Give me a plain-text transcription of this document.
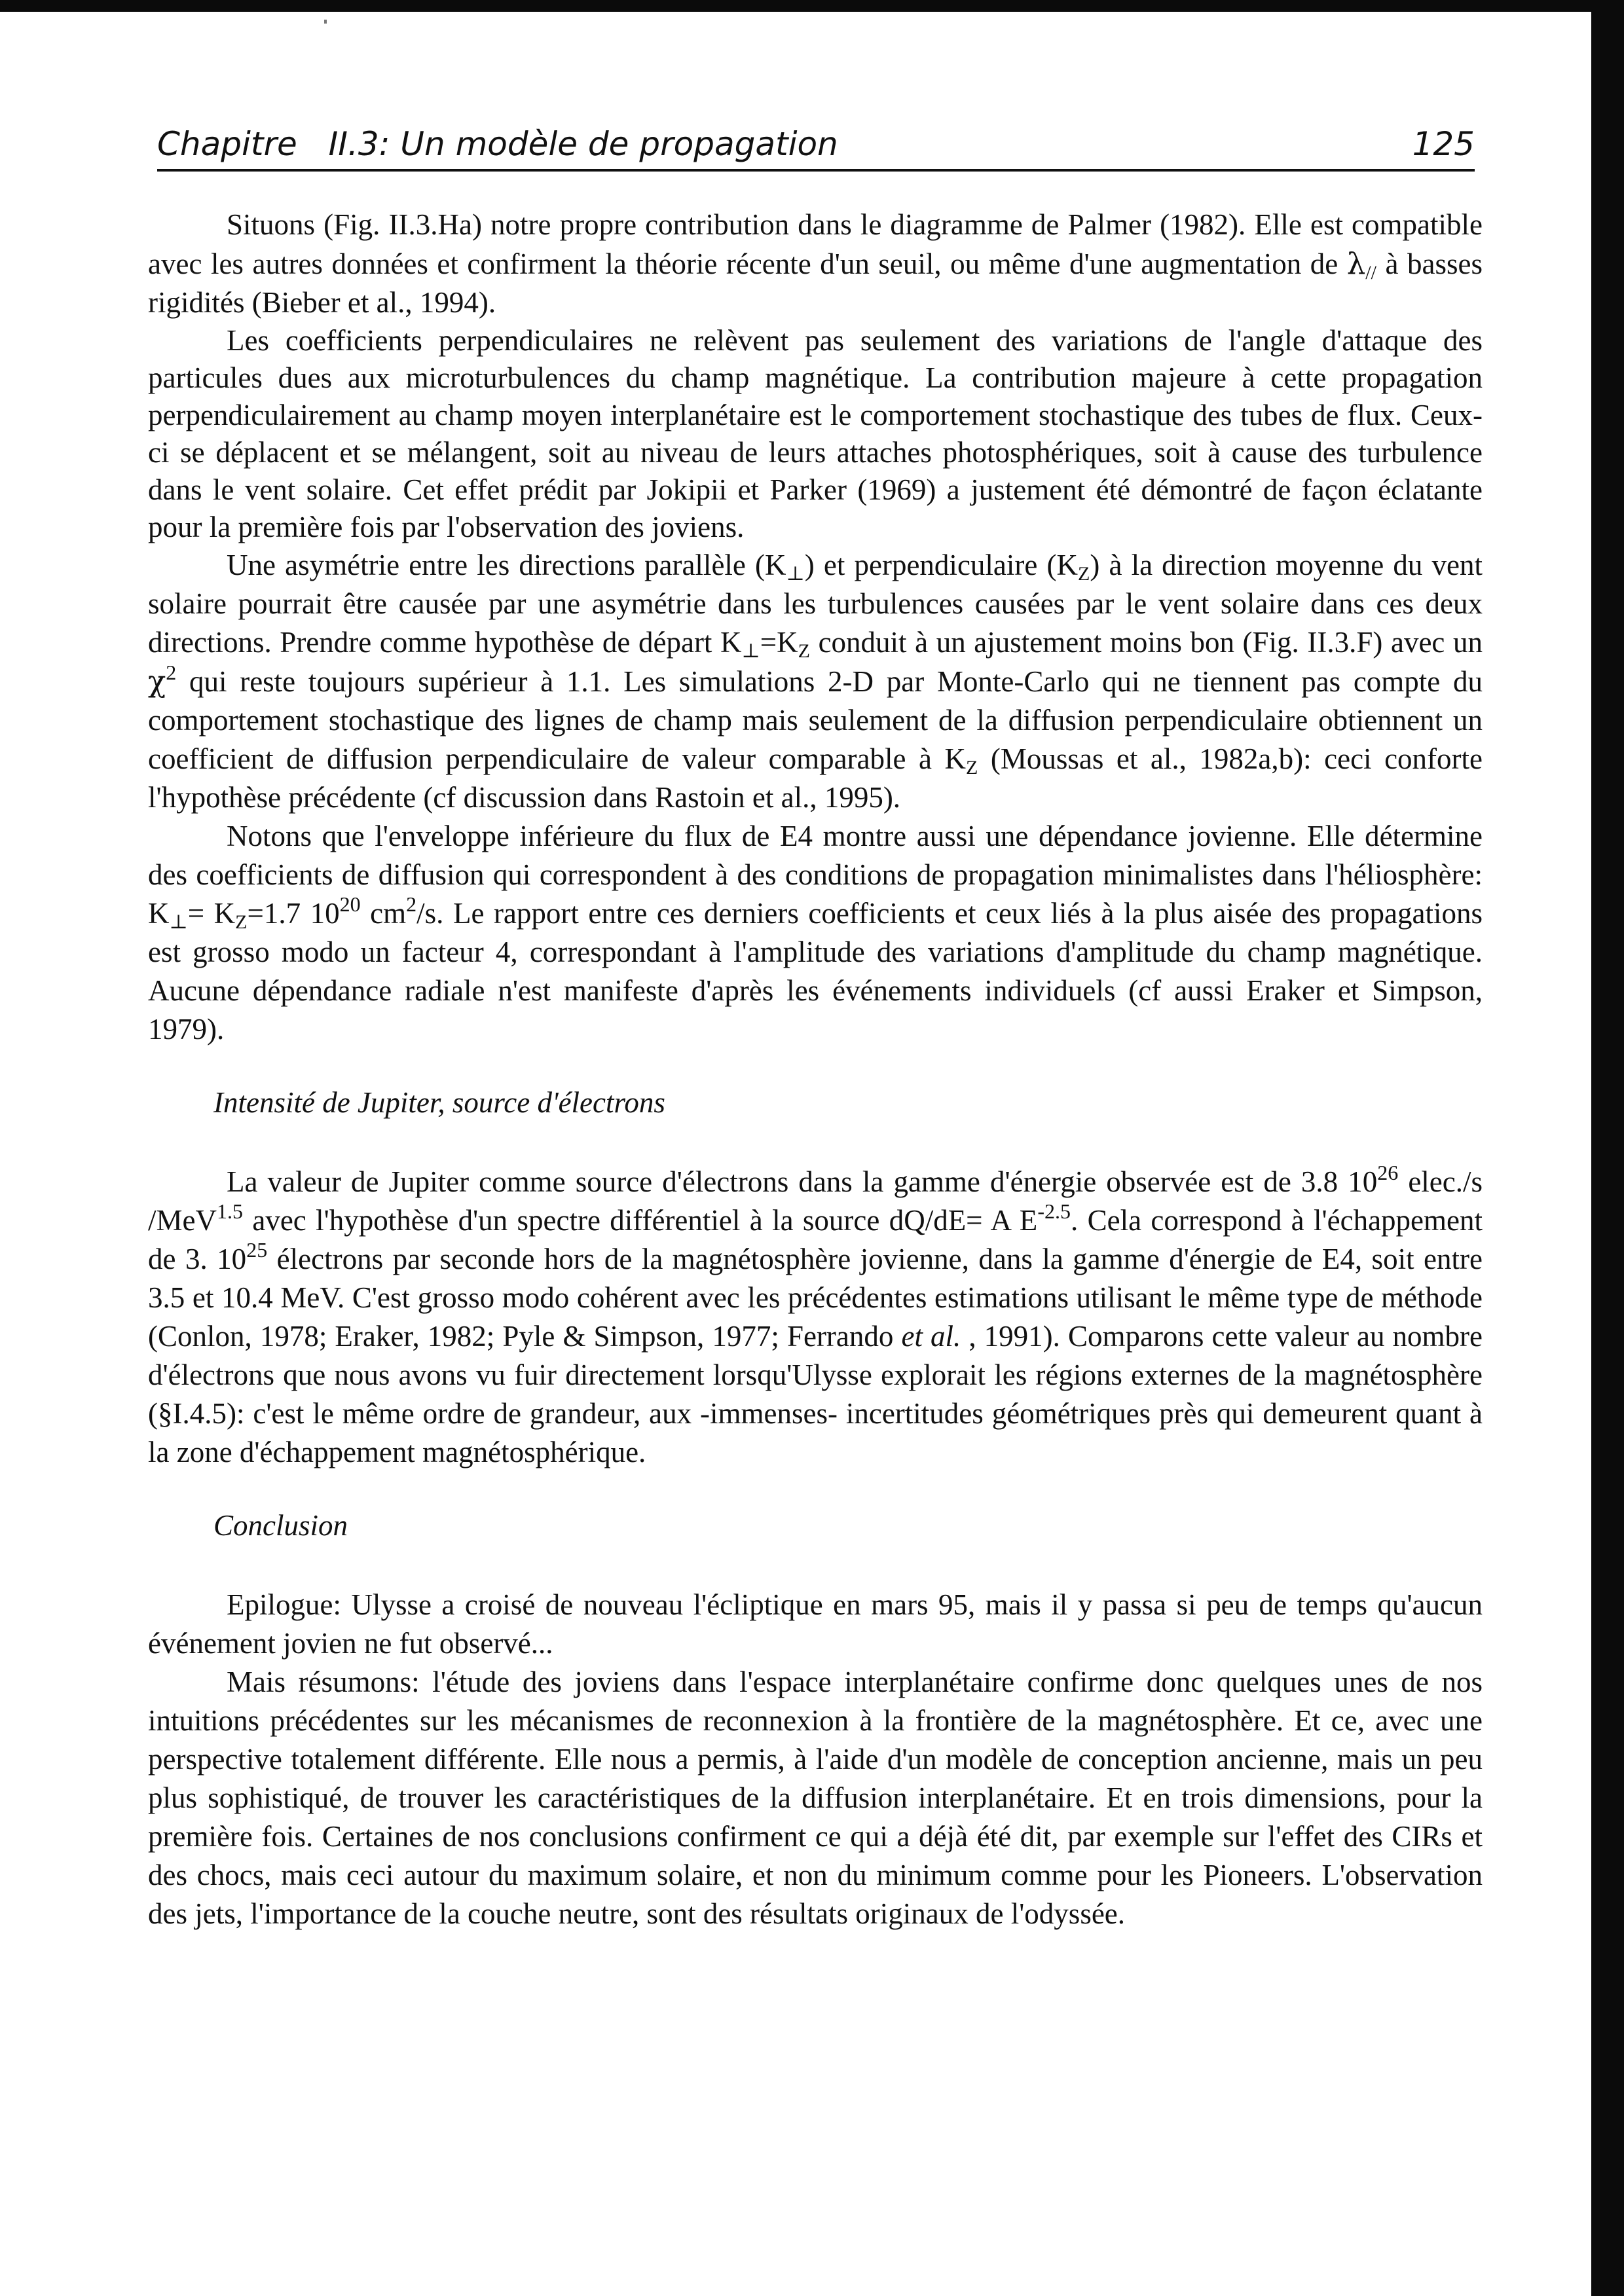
Chapitre   II.3: Un modèle de propagation	125

Situons (Fig. II.3.Ha) notre propre contribution dans le diagramme de Palmer (1982). Elle est compatible avec les autres données et confirment la théorie récente d'un seuil, ou même d'une augmentation de $\lambda_{//}$ à basses rigidités (Bieber et al., 1994).

Les coefficients perpendiculaires ne relèvent pas seulement des variations de l'angle d'attaque des particules dues aux microturbulences du champ magnétique. La contribution majeure à cette propagation perpendiculairement au champ moyen interplanétaire est le comportement stochastique des tubes de flux. Ceux-ci se déplacent et se mélangent, soit au niveau de leurs attaches photosphériques, soit à cause des turbulence dans le vent solaire. Cet effet prédit par Jokipii et Parker (1969) a justement été démontré de façon éclatante pour la première fois par l'observation des joviens.

Une asymétrie entre les directions parallèle $(K_\perp)$ et perpendiculaire $(K_Z)$ à la direction moyenne du vent solaire pourrait être causée par une asymétrie dans les turbulences causées par le vent solaire dans ces deux directions. Prendre comme hypothèse de départ $K_\perp=K_Z$ conduit à un ajustement moins bon (Fig. II.3.F) avec un $\chi^2$ qui reste toujours supérieur à 1.1. Les simulations 2-D par Monte-Carlo qui ne tiennent pas compte du comportement stochastique des lignes de champ mais seulement de la diffusion perpendiculaire obtiennent un coefficient de diffusion perpendiculaire de valeur comparable à $K_Z$ (Moussas et al., 1982a,b): ceci conforte l'hypothèse précédente (cf discussion dans Rastoin et al., 1995).

Notons que l'enveloppe inférieure du flux de E4 montre aussi une dépendance jovienne. Elle détermine des coefficients de diffusion qui correspondent à des conditions de propagation minimalistes dans l'héliosphère: $K_\perp= K_Z=1.7$ $10^{20}$ $cm^2/s$. Le rapport entre ces derniers coefficients et ceux liés à la plus aisée des propagations est grosso modo un facteur 4, correspondant à l'amplitude des variations d'amplitude du champ magnétique. Aucune dépendance radiale n'est manifeste d'après les événements individuels (cf aussi Eraker et Simpson, 1979).

Intensité de Jupiter, source d'électrons

La valeur de Jupiter comme source d'électrons dans la gamme d'énergie observée est de 3.8 $10^{26}$ elec./s /MeV$^{1.5}$ avec l'hypothèse d'un spectre différentiel à la source dQ/dE= A $E^{-2.5}$. Cela correspond à l'échappement de 3. $10^{25}$ électrons par seconde hors de la magnétosphère jovienne, dans la gamme d'énergie de E4, soit entre 3.5 et 10.4 MeV. C'est grosso modo cohérent avec les précédentes estimations utilisant le même type de méthode (Conlon, 1978; Eraker, 1982; Pyle & Simpson, 1977; Ferrando et al. , 1991). Comparons cette valeur au nombre d'électrons que nous avons vu fuir directement lorsqu'Ulysse explorait les régions externes de la magnétosphère (§I.4.5): c'est le même ordre de grandeur, aux -immenses- incertitudes géométriques près qui demeurent quant à la zone d'échappement magnétosphérique.

Conclusion

Epilogue: Ulysse a croisé de nouveau l'écliptique en mars 95, mais il y passa si peu de temps qu'aucun événement jovien ne fut observé...

Mais résumons: l'étude des joviens dans l'espace interplanétaire confirme donc quelques unes de nos intuitions précédentes sur les mécanismes de reconnexion à la frontière de la magnétosphère. Et ce, avec une perspective totalement différente. Elle nous a permis, à l'aide d'un modèle de conception ancienne, mais un peu plus sophistiqué, de trouver les caractéristiques de la diffusion interplanétaire. Et en trois dimensions, pour la première fois. Certaines de nos conclusions confirment ce qui a déjà été dit, par exemple sur l'effet des CIRs et des chocs, mais ceci autour du maximum solaire, et non du minimum comme pour les Pioneers. L'observation des jets, l'importance de la couche neutre, sont des résultats originaux de l'odyssée.
